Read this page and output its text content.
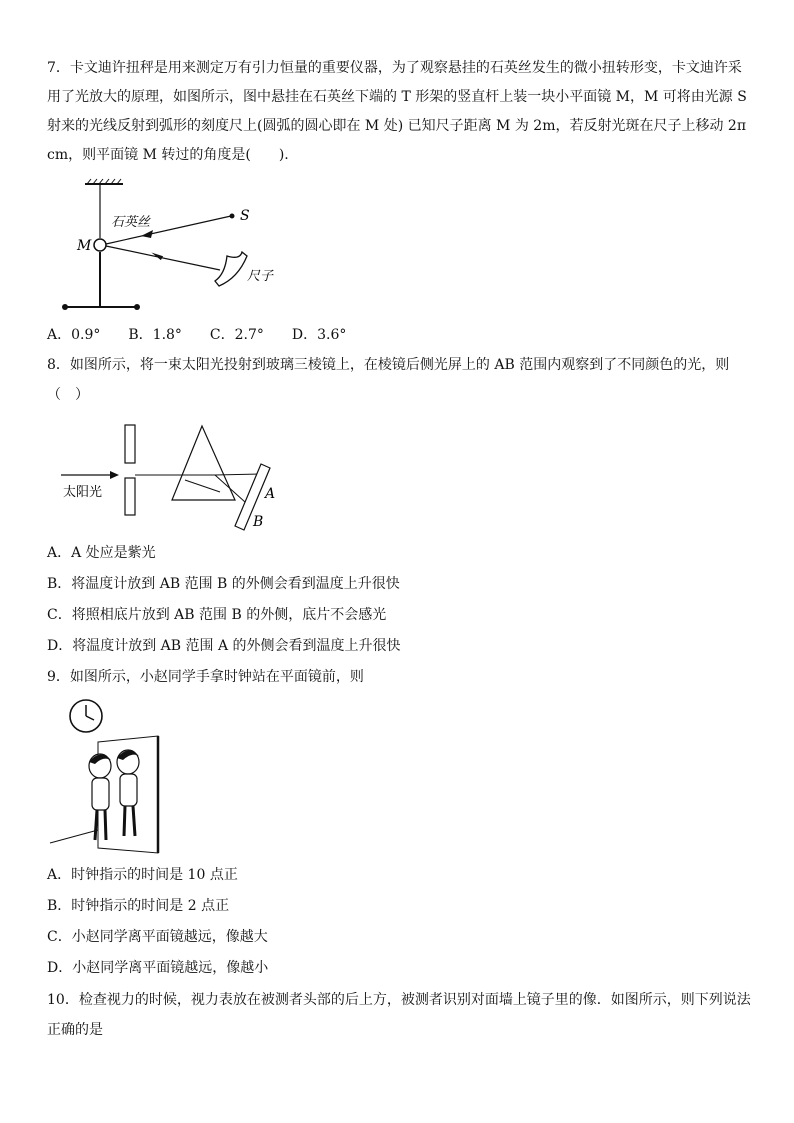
7．卡文迪许扭秤是用来测定万有引力恒量的重要仪器，为了观察悬挂的石英丝发生的微小扭转形变，卡文迪许采
用了光放大的原理，如图所示，图中悬挂在石英丝下端的 T 形架的竖直杆上装一块小平面镜 M，M 可将由光源 S
射来的光线反射到弧形的刻度尺上(圆弧的圆心即在 M 处) 已知尺子距离 M 为 2m，若反射光斑在尺子上移动 2π
cm，则平面镜 M 转过的角度是(　　).
石英丝	S
M
尺子
A．0.9°　　B．1.8°　　C．2.7°　　D．3.6°
8．如图所示，将一束太阳光投射到玻璃三棱镜上，在棱镜后侧光屏上的 AB 范围内观察到了不同颜色的光，则
（　）
太阳光	A
B
A．A 处应是紫光
B．将温度计放到 AB 范围 B 的外侧会看到温度上升很快
C．将照相底片放到 AB 范围 B 的外侧，底片不会感光
D．将温度计放到 AB 范围 A 的外侧会看到温度上升很快
9．如图所示，小赵同学手拿时钟站在平面镜前，则
A．时钟指示的时间是 10 点正
B．时钟指示的时间是 2 点正
C．小赵同学离平面镜越远，像越大
D．小赵同学离平面镜越远，像越小
10．检查视力的时候，视力表放在被测者头部的后上方，被测者识别对面墙上镜子里的像．如图所示，则下列说法
正确的是
